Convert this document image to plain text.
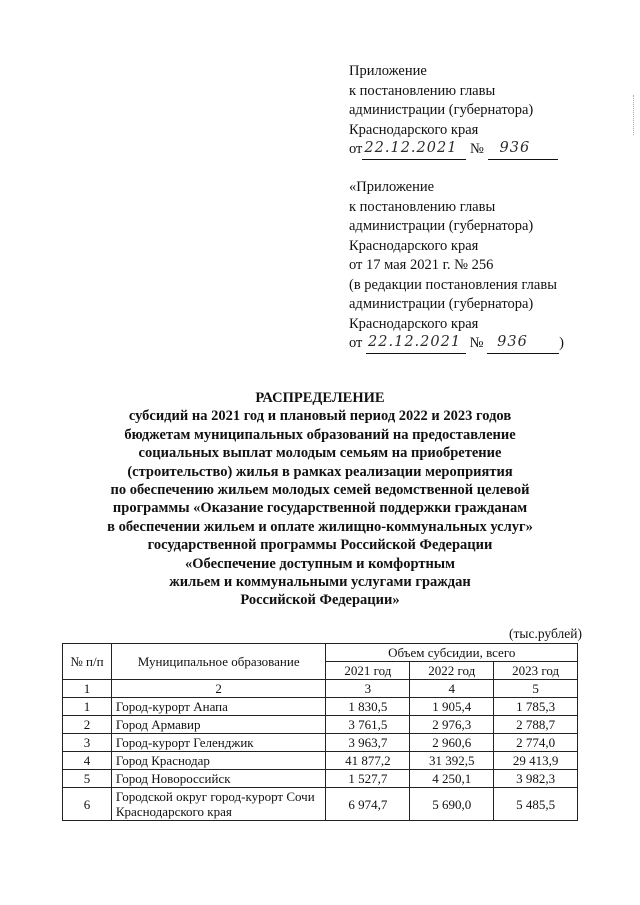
Приложение
к постановлению главы
администрации (губернатора)
Краснодарского края
от 22.12.2021 № 936
«Приложение
к постановлению главы
администрации (губернатора)
Краснодарского края
от 17 мая 2021 г. № 256
(в редакции постановления главы
администрации (губернатора)
Краснодарского края
от 22.12.2021 № 936 )
РАСПРЕДЕЛЕНИЕ
субсидий на 2021 год и плановый период 2022 и 2023 годов
бюджетам муниципальных образований на предоставление
социальных выплат молодым семьям на приобретение
(строительство) жилья в рамках реализации мероприятия
по обеспечению жильем молодых семей ведомственной целевой
программы «Оказание государственной поддержки гражданам
в обеспечении жильем и оплате жилищно-коммунальных услуг»
государственной программы Российской Федерации
«Обеспечение доступным и комфортным
жильем и коммунальными услугами граждан
Российской Федерации»
(тыс.рублей)
№ п/п	Муниципальное образование	Объем субсидии, всего		
		2021 год	2022 год	2023 год
1	2	3	4	5
1	Город-курорт Анапа	1 830,5	1 905,4	1 785,3
2	Город Армавир	3 761,5	2 976,3	2 788,7
3	Город-курорт Геленджик	3 963,7	2 960,6	2 774,0
4	Город Краснодар	41 877,2	31 392,5	29 413,9
5	Город Новороссийск	1 527,7	4 250,1	3 982,3
6	Городской округ город-курорт Сочи Краснодарского края	6 974,7	5 690,0	5 485,5
